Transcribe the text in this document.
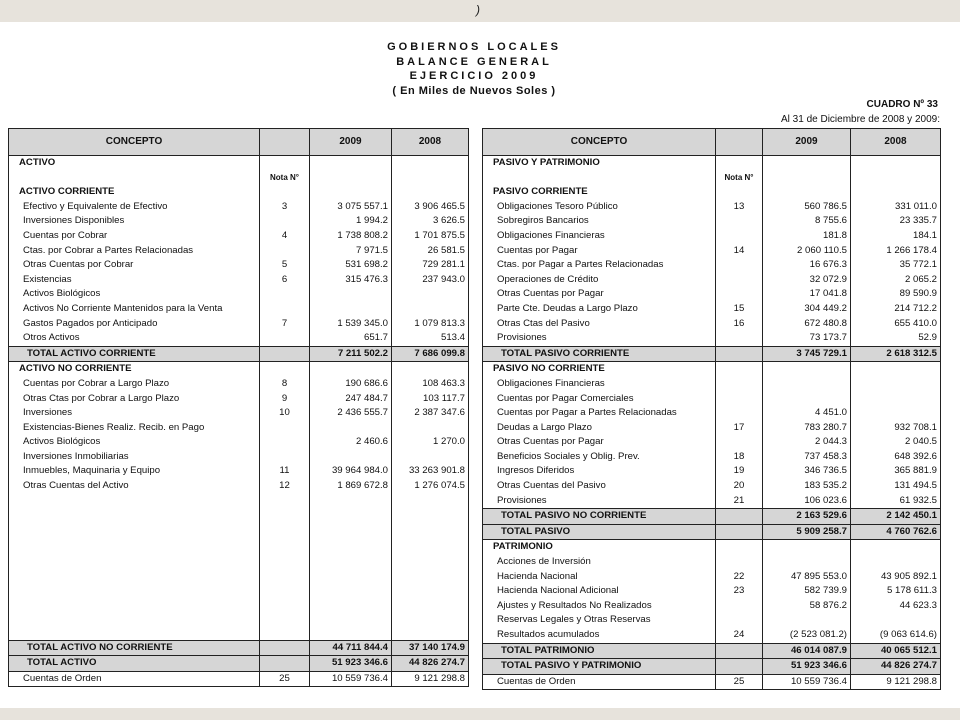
)
GOBIERNOS LOCALES
BALANCE GENERAL
EJERCICIO 2009
( En Miles de Nuevos Soles )
CUADRO Nº 33
Al 31 de Diciembre de 2008 y 2009:
CONCEPTO		2009	2008
ACTIVO			
	Nota N°		
ACTIVO CORRIENTE			
Efectivo y Equivalente de Efectivo	3	3 075 557.1	3 906 465.5
Inversiones Disponibles		1 994.2	3 626.5
Cuentas por Cobrar	4	1 738 808.2	1 701 875.5
Ctas. por Cobrar a Partes Relacionadas		7 971.5	26 581.5
Otras Cuentas por Cobrar	5	531 698.2	729 281.1
Existencias	6	315 476.3	237 943.0
Activos Biológicos			
Activos No Corriente Mantenidos para la Venta			
Gastos Pagados por Anticipado	7	1 539 345.0	1 079 813.3
Otros Activos		651.7	513.4
TOTAL ACTIVO CORRIENTE		7 211 502.2	7 686 099.8
ACTIVO NO CORRIENTE			
Cuentas por Cobrar a Largo Plazo	8	190 686.6	108 463.3
Otras Ctas por Cobrar a Largo Plazo	9	247 484.7	103 117.7
Inversiones	10	2 436 555.7	2 387 347.6
Existencias-Bienes Realiz. Recib. en Pago			
Activos Biológicos		2 460.6	1 270.0
Inversiones Inmobiliarias			
Inmuebles, Maquinaria y Equipo	11	39 964 984.0	33 263 901.8
Otras Cuentas del Activo	12	1 869 672.8	1 276 074.5

TOTAL ACTIVO NO CORRIENTE		44 711 844.4	37 140 174.9
TOTAL ACTIVO		51 923 346.6	44 826 274.7
Cuentas de Orden	25	10 559 736.4	9 121 298.8
CONCEPTO		2009	2008
PASIVO Y PATRIMONIO			
	Nota N°		
PASIVO CORRIENTE			
Obligaciones Tesoro Público	13	560 786.5	331 011.0
Sobregiros Bancarios		8 755.6	23 335.7
Obligaciones Financieras		181.8	184.1
Cuentas por Pagar	14	2 060 110.5	1 266 178.4
Ctas. por Pagar a Partes Relacionadas		16 676.3	35 772.1
Operaciones de Crédito		32 072.9	2 065.2
Otras Cuentas por Pagar		17 041.8	89 590.9
Parte Cte. Deudas a Largo Plazo	15	304 449.2	214 712.2
Otras Ctas del Pasivo	16	672 480.8	655 410.0
Provisiones		73 173.7	52.9
TOTAL PASIVO CORRIENTE		3 745 729.1	2 618 312.5
PASIVO NO CORRIENTE			
Obligaciones Financieras			
Cuentas por Pagar Comerciales			
Cuentas por Pagar a Partes Relacionadas		4 451.0	
Deudas a Largo Plazo	17	783 280.7	932 708.1
Otras Cuentas por Pagar		2 044.3	2 040.5
Beneficios Sociales y Oblig. Prev.	18	737 458.3	648 392.6
Ingresos Diferidos	19	346 736.5	365 881.9
Otras Cuentas del Pasivo	20	183 535.2	131 494.5
Provisiones	21	106 023.6	61 932.5
TOTAL PASIVO NO CORRIENTE		2 163 529.6	2 142 450.1
TOTAL PASIVO		5 909 258.7	4 760 762.6
PATRIMONIO			
Acciones de Inversión			
Hacienda Nacional	22	47 895 553.0	43 905 892.1
Hacienda Nacional Adicional	23	582 739.9	5 178 611.3
Ajustes y Resultados No Realizados		58 876.2	44 623.3
Reservas Legales y Otras Reservas			
Resultados acumulados	24	(2 523 081.2)	(9 063 614.6)
TOTAL PATRIMONIO		46 014 087.9	40 065 512.1
TOTAL PASIVO Y PATRIMONIO		51 923 346.6	44 826 274.7
Cuentas de Orden	25	10 559 736.4	9 121 298.8
